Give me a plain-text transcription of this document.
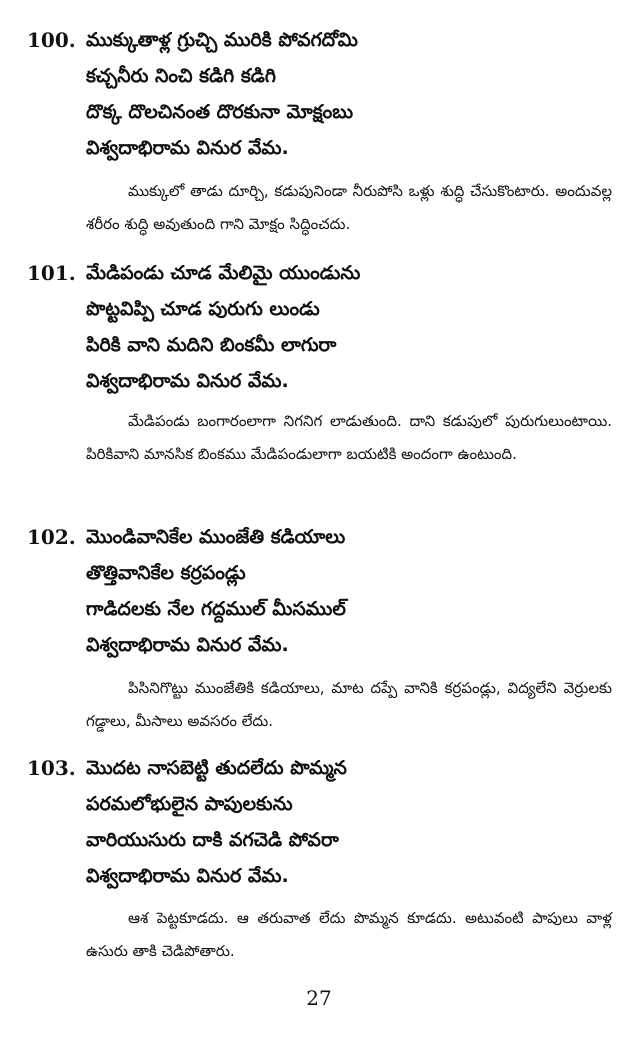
100. ముక్కుతాళ్ల గ్రుచ్చి మురికి పోవగదోమి
కచ్చనీరు నించి కడిగి కడిగి
దొక్క దొలచినంత దొరకునా మోక్షంబు
విశ్వదాభిరామ వినుర వేమ.
ముక్కులో తాడు దూర్చి, కడుపునిండా నీరుపోసి ఒళ్లు శుద్ధి చేసుకొంటారు. అందువల్ల శరీరం శుద్ధి అవుతుంది గాని మోక్షం సిద్ధించదు.
101. మేడిపండు చూడ మేలిమై యుండును
పొట్టవిప్పి చూడ పురుగు లుండు
పిరికి వాని మదిని బింకమీ లాగురా
విశ్వదాభిరామ వినుర వేమ.
మేడిపండు బంగారంలాగా నిగనిగ లాడుతుంది. దాని కడుపులో పురుగులుంటాయి. పిరికివాని మానసిక బింకము మేడిపండులాగా బయటికి అందంగా ఉంటుంది.
102. మొండివానికేల ముంజేతి కడియాలు
తొత్తివానికేల కర్రపండ్లు
గాడిదలకు నేల గద్దముల్ మీసముల్
విశ్వదాభిరామ వినుర వేమ.
పిసినిగొట్టు ముంజేతికి కడియాలు, మాట దప్పే వానికి కర్రపండ్లు, విద్యలేని వెర్రులకు గడ్డాలు, మీసాలు అవసరం లేదు.
103. మొదట నాసబెట్టి తుదలేదు పొమ్మన
పరమలోభులైన పాపులకును
వారియుసురు దాకి వగచెడి పోవరా
విశ్వదాభిరామ వినుర వేమ.
ఆశ పెట్టకూడదు. ఆ తరువాత లేదు పొమ్మన కూడదు. అటువంటి పాపులు వాళ్ల ఉసురు తాకి చెడిపోతారు.
27
